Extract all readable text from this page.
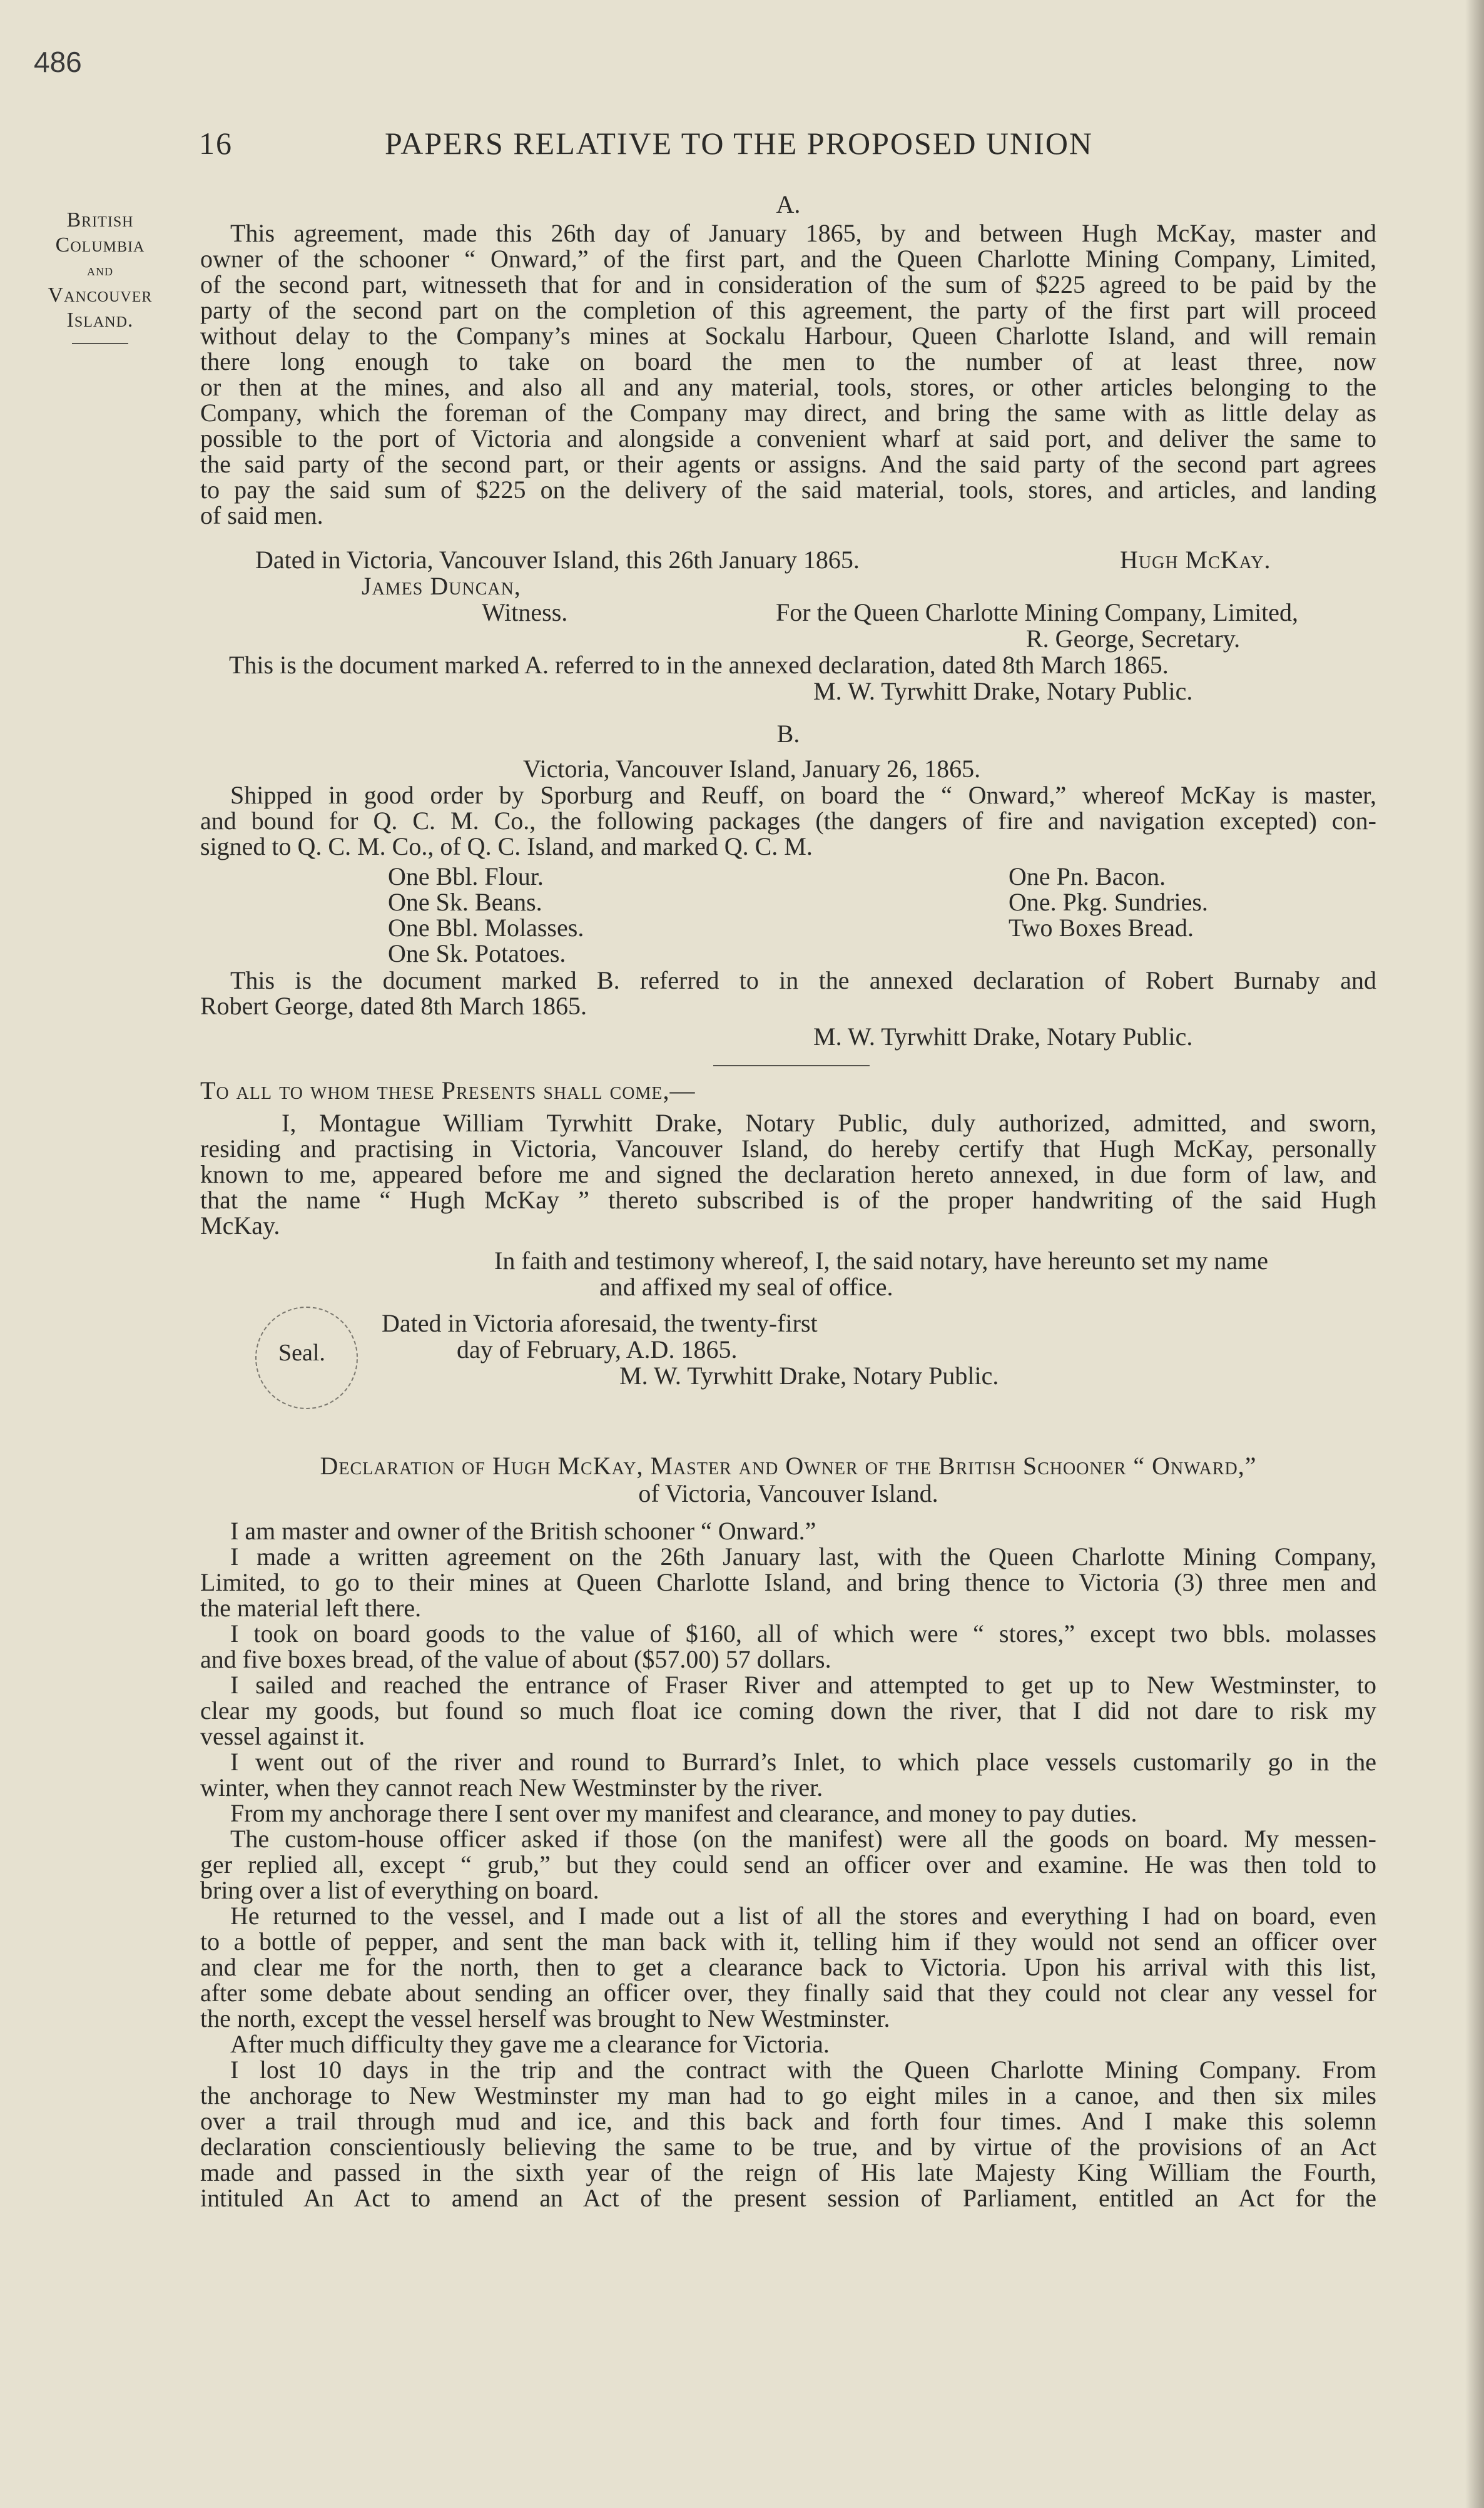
486
16	PAPERS RELATIVE TO THE PROPOSED UNION
British
Columbia
and
Vancouver
Island.
A.
This agreement, made this 26th day of January 1865, by and between Hugh McKay, master and
owner of the schooner “ Onward,” of the first part, and the Queen Charlotte Mining Company, Limited,
of the second part, witnesseth that for and in consideration of the sum of $225 agreed to be paid by the
party of the second part on the completion of this agreement, the party of the first part will proceed
without delay to the Company’s mines at Sockalu Harbour, Queen Charlotte Island, and will remain
there long enough to take on board the men to the number of at least three, now
or then at the mines, and also all and any material, tools, stores, or other articles belonging to the
Company, which the foreman of the Company may direct, and bring the same with as little delay as
possible to the port of Victoria and alongside a convenient wharf at said port, and deliver the same to
the said party of the second part, or their agents or assigns. And the said party of the second part agrees
to pay the said sum of $225 on the delivery of the said material, tools, stores, and articles, and landing
of said men.
Dated in Victoria, Vancouver Island, this 26th January 1865.	Hugh McKay.
James Duncan,
Witness.	For the Queen Charlotte Mining Company, Limited,
R. George, Secretary.
This is the document marked A. referred to in the annexed declaration, dated 8th March 1865.
M. W. Tyrwhitt Drake, Notary Public.
B.
Victoria, Vancouver Island, January 26, 1865.
Shipped in good order by Sporburg and Reuff, on board the “ Onward,” whereof McKay is master,
and bound for Q. C. M. Co., the following packages (the dangers of fire and navigation excepted) con-
signed to Q. C. M. Co., of Q. C. Island, and marked Q. C. M.
One Bbl. Flour.
One Sk. Beans.
One Bbl. Molasses.
One Sk. Potatoes.
One Pn. Bacon.
One. Pkg. Sundries.
Two Boxes Bread.
This is the document marked B. referred to in the annexed declaration of Robert Burnaby and
Robert George, dated 8th March 1865.
M. W. Tyrwhitt Drake, Notary Public.
To all to whom these Presents shall come,—
I, Montague William Tyrwhitt Drake, Notary Public, duly authorized, admitted, and sworn,
residing and practising in Victoria, Vancouver Island, do hereby certify that Hugh McKay, personally
known to me, appeared before me and signed the declaration hereto annexed, in due form of law, and
that the name “ Hugh McKay ” thereto subscribed is of the proper handwriting of the said Hugh
McKay.
In faith and testimony whereof, I, the said notary, have hereunto set my name
and affixed my seal of office.
Seal.
Dated in Victoria aforesaid, the twenty-first
day of February, A.D. 1865.
M. W. Tyrwhitt Drake, Notary Public.
Declaration of Hugh McKay, Master and Owner of the British Schooner “ Onward,”
of Victoria, Vancouver Island.
I am master and owner of the British schooner “ Onward.”
I made a written agreement on the 26th January last, with the Queen Charlotte Mining Company,
Limited, to go to their mines at Queen Charlotte Island, and bring thence to Victoria (3) three men and
the material left there.
I took on board goods to the value of $160, all of which were “ stores,” except two bbls. molasses
and five boxes bread, of the value of about ($57.00) 57 dollars.
I sailed and reached the entrance of Fraser River and attempted to get up to New Westminster, to
clear my goods, but found so much float ice coming down the river, that I did not dare to risk my
vessel against it.
I went out of the river and round to Burrard’s Inlet, to which place vessels customarily go in the
winter, when they cannot reach New Westminster by the river.
From my anchorage there I sent over my manifest and clearance, and money to pay duties.
The custom-house officer asked if those (on the manifest) were all the goods on board. My messen-
ger replied all, except “ grub,” but they could send an officer over and examine. He was then told to
bring over a list of everything on board.
He returned to the vessel, and I made out a list of all the stores and everything I had on board, even
to a bottle of pepper, and sent the man back with it, telling him if they would not send an officer over
and clear me for the north, then to get a clearance back to Victoria. Upon his arrival with this list,
after some debate about sending an officer over, they finally said that they could not clear any vessel for
the north, except the vessel herself was brought to New Westminster.
After much difficulty they gave me a clearance for Victoria.
I lost 10 days in the trip and the contract with the Queen Charlotte Mining Company. From
the anchorage to New Westminster my man had to go eight miles in a canoe, and then six miles
over a trail through mud and ice, and this back and forth four times. And I make this solemn
declaration conscientiously believing the same to be true, and by virtue of the provisions of an Act
made and passed in the sixth year of the reign of His late Majesty King William the Fourth,
intituled An Act to amend an Act of the present session of Parliament, entitled an Act for the
